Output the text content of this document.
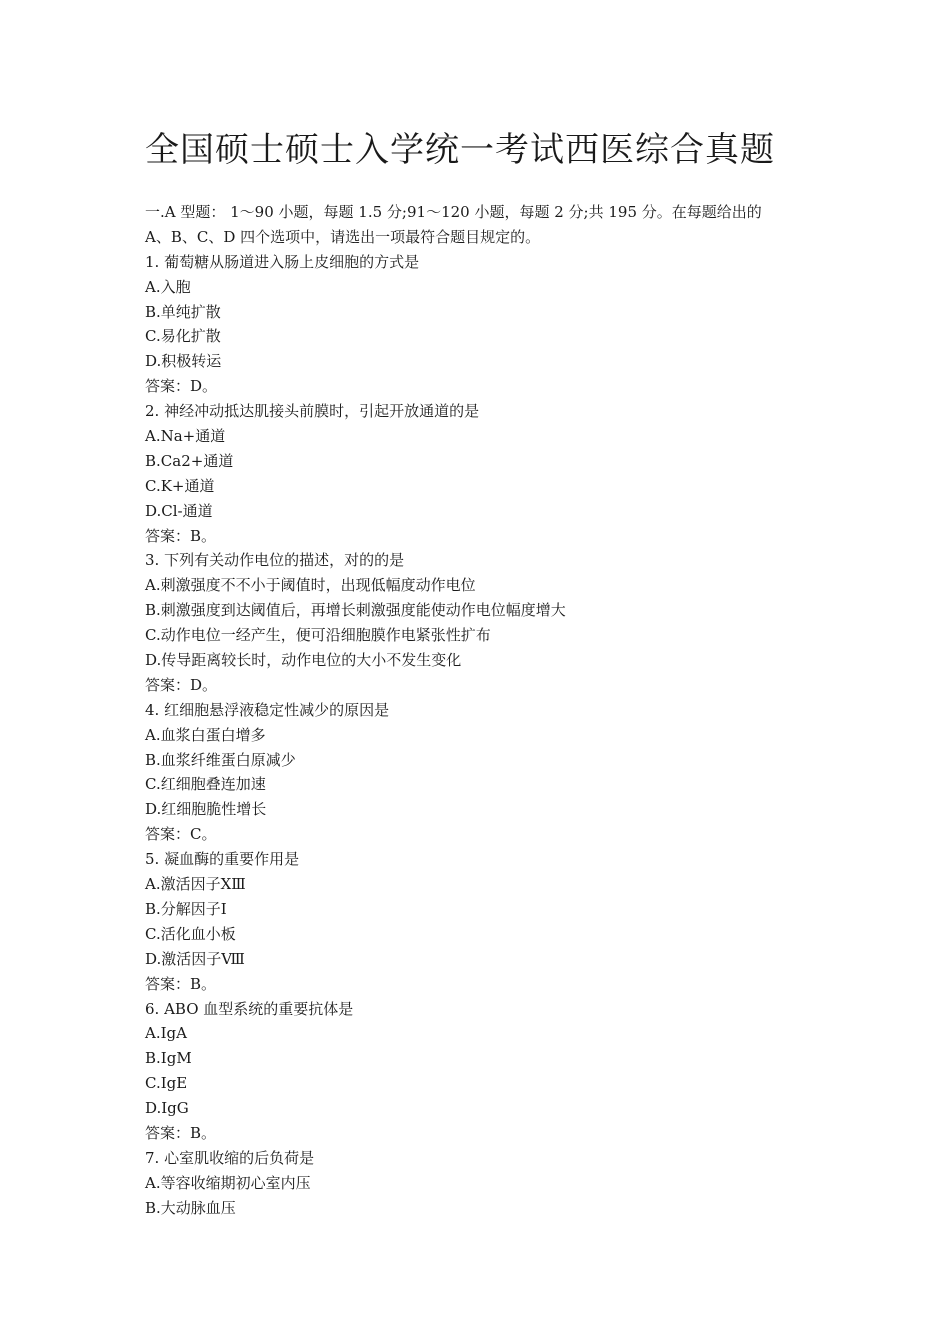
全国硕士硕士入学统一考试西医综合真题
一.A 型题： 1～90 小题，每题 1.5 分;91～120 小题，每题 2 分;共 195 分。在每题给出的
A、B、C、D 四个选项中，请选出一项最符合题目规定的。
1. 葡萄糖从肠道进入肠上皮细胞的方式是
A.入胞
B.单纯扩散
C.易化扩散
D.积极转运
答案：D。
2. 神经冲动抵达肌接头前膜时，引起开放通道的是
A.Na+通道
B.Ca2+通道
C.K+通道
D.Cl-通道
答案：B。
3. 下列有关动作电位的描述，对的的是
A.刺激强度不不小于阈值时，出现低幅度动作电位
B.刺激强度到达阈值后，再增长刺激强度能使动作电位幅度增大
C.动作电位一经产生，便可沿细胞膜作电紧张性扩布
D.传导距离较长时，动作电位的大小不发生变化
答案：D。
4. 红细胞悬浮液稳定性减少的原因是
A.血浆白蛋白增多
B.血浆纤维蛋白原减少
C.红细胞叠连加速
D.红细胞脆性增长
答案：C。
5. 凝血酶的重要作用是
A.激活因子ⅩⅢ
B.分解因子Ⅰ
C.活化血小板
D.激活因子Ⅷ
答案：B。
6. ABO 血型系统的重要抗体是
A.IgA
B.IgM
C.IgE
D.IgG
答案：B。
7. 心室肌收缩的后负荷是
A.等容收缩期初心室内压
B.大动脉血压
